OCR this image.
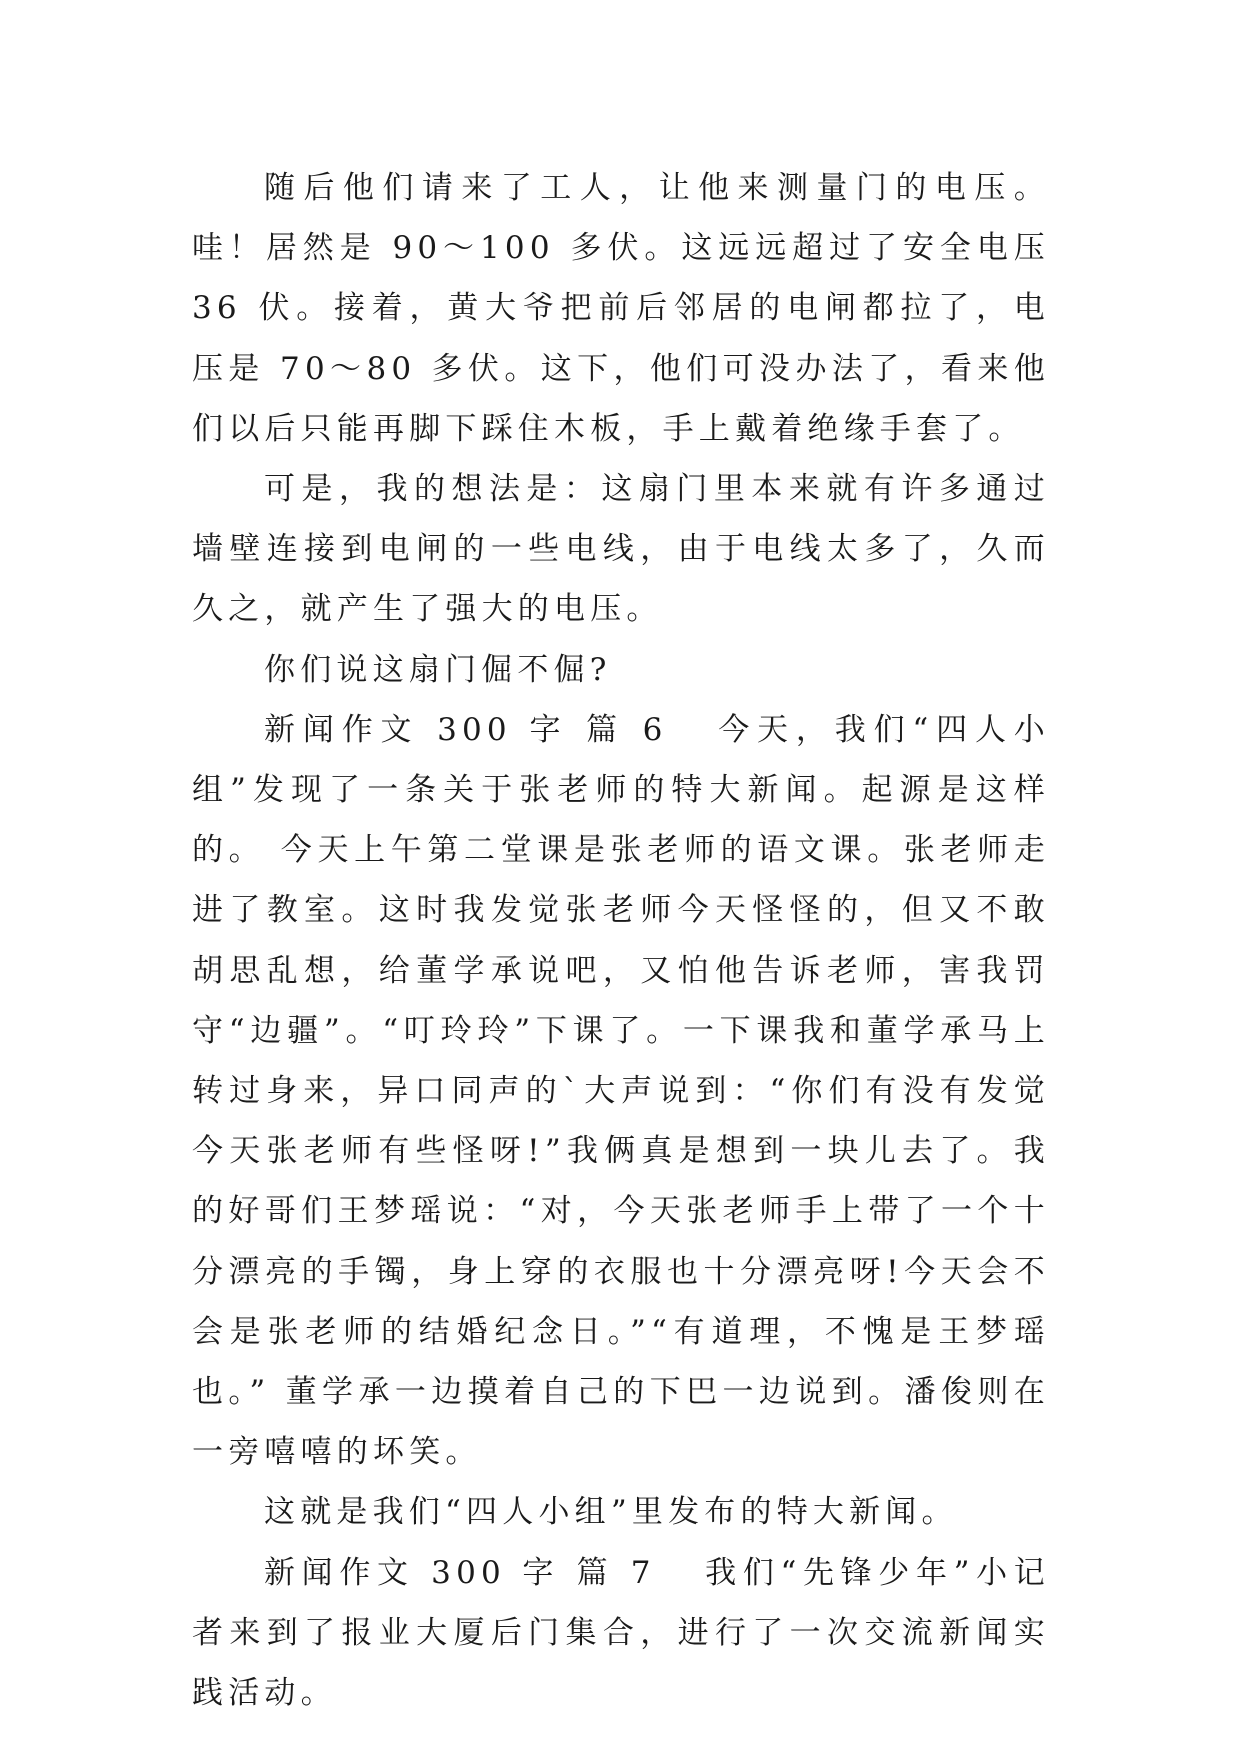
随后他们请来了工人，让他来测量门的电压。哇！居然是 90～100 多伏。这远远超过了安全电压 36 伏。接着，黄大爷把前后邻居的电闸都拉了，电压是 70～80 多伏。这下，他们可没办法了，看来他们以后只能再脚下踩住木板，手上戴着绝缘手套了。

可是，我的想法是：这扇门里本来就有许多通过墙壁连接到电闸的一些电线，由于电线太多了，久而久之，就产生了强大的电压。

你们说这扇门倔不倔?

新闻作文 300 字 篇 6 今天，我们“四人小组”发现了一条关于张老师的特大新闻。起源是这样的。 今天上午第二堂课是张老师的语文课。张老师走进了教室。这时我发觉张老师今天怪怪的，但又不敢胡思乱想，给董学承说吧，又怕他告诉老师，害我罚守“边疆”。“叮玲玲”下课了。一下课我和董学承马上转过身来，异口同声的`大声说到：“你们有没有发觉今天张老师有些怪呀!”我俩真是想到一块儿去了。我的好哥们王梦瑶说：“对，今天张老师手上带了一个十分漂亮的手镯，身上穿的衣服也十分漂亮呀!今天会不会是张老师的结婚纪念日。”“有道理，不愧是王梦瑶也。” 董学承一边摸着自己的下巴一边说到。潘俊则在一旁嘻嘻的坏笑。

这就是我们“四人小组”里发布的特大新闻。

新闻作文 300 字 篇 7 我们“先锋少年”小记者来到了报业大厦后门集合，进行了一次交流新闻实践活动。
